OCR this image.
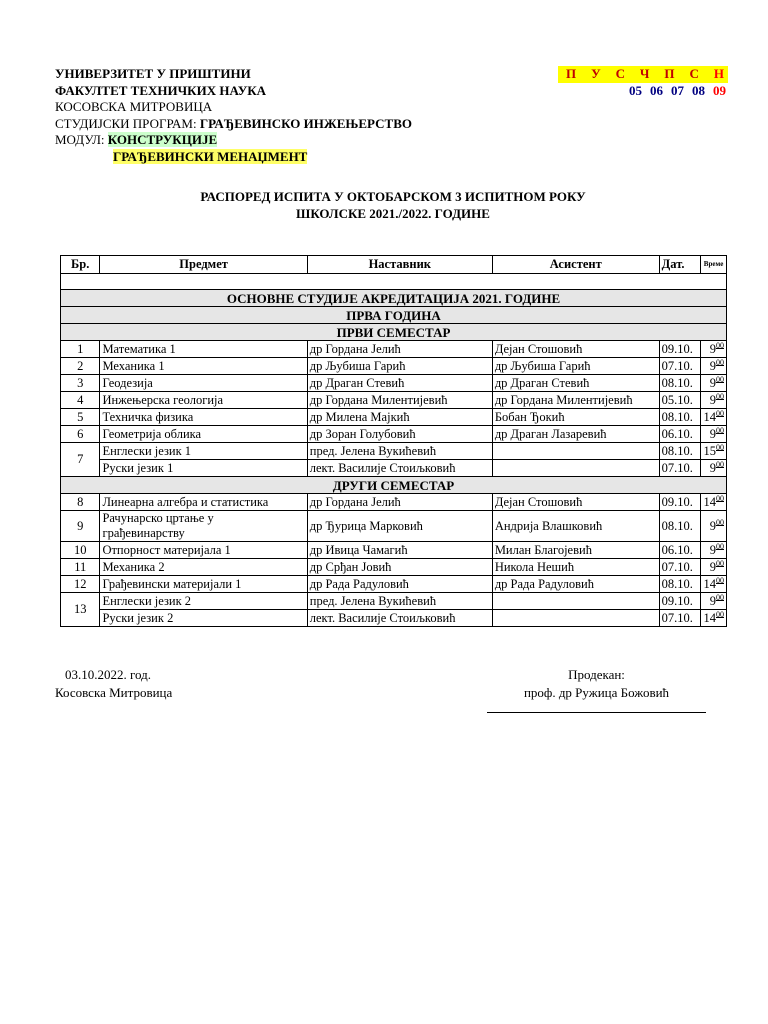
УНИВЕРЗИТЕТ У ПРИШТИНИ
ФАКУЛТЕТ ТЕХНИЧКИХ НАУКА
КОСОВСКА МИТРОВИЦА
СТУДИЈСКИ ПРОГРАМ: ГРАЂЕВИНСКО ИНЖЕЊЕРСТВО
МОДУЛ: КОНСТРУКЦИЈЕ
ГРАЂЕВИНСКИ МЕНАЏМЕНТ
П У С Ч П С Н
05 06 07 08 09
РАСПОРЕД ИСПИТА У ОКТОБАРСКОМ 3 ИСПИТНОМ РОКУ
ШКОЛСКЕ 2021./2022. ГОДИНЕ
Бр.	Предмет	Наставник	Асистент	Дат.	Време

ОСНОВНЕ СТУДИЈЕ АКРЕДИТАЦИЈА 2021. ГОДИНЕ					
ПРВА ГОДИНА					
ПРВИ СЕМЕСТАР					
1	Математика 1	др Гордана Јелић	Дејан Стошовић	09.10.	$9^{00}$
2	Механика 1	др Љубиша Гарић	др Љубиша Гарић	07.10.	$9^{00}$
3	Геодезија	др Драган Стевић	др Драган Стевић	08.10.	$9^{00}$
4	Инжењерска геологија	др Гордана Милентијевић	др Гордана Милентијевић	05.10.	$9^{00}$
5	Техничка физика	др Милена Мајкић	Бобан Ђокић	08.10.	$14^{00}$
6	Геометрија облика	др Зоран Голубовић	др Драган Лазаревић	06.10.	$9^{00}$
7	Енглески језик 1	пред. Јелена Вукићевић		08.10.	$15^{00}$
	Руски језик 1	лект. Василије Стоиљковић		07.10.	$9^{00}$
ДРУГИ СЕМЕСТАР					
8	Линеарна алгебра и статистика	др Гордана Јелић	Дејан Стошовић	09.10.	$14^{00}$
9	Рачунарско цртање у
грађевинарству	др Ђурица Марковић	Андрија Влашковић	08.10.	$9^{00}$
10	Отпорност материјала 1	др Ивица Чамагић	Милан Благојевић	06.10.	$9^{00}$
11	Механика 2	др Срђан Јовић	Никола Нешић	07.10.	$9^{00}$
12	Грађевински материјали 1	др Рада Радуловић	др Рада Радуловић	08.10.	$14^{00}$
13	Енглески језик 2	пред. Јелена Вукићевић		09.10.	$9^{00}$
	Руски језик 2	лект. Василије Стоиљковић		07.10.	$14^{00}$
03.10.2022. год.
Косовска Митровица
Продекан:
проф. др Ружица Божовић
